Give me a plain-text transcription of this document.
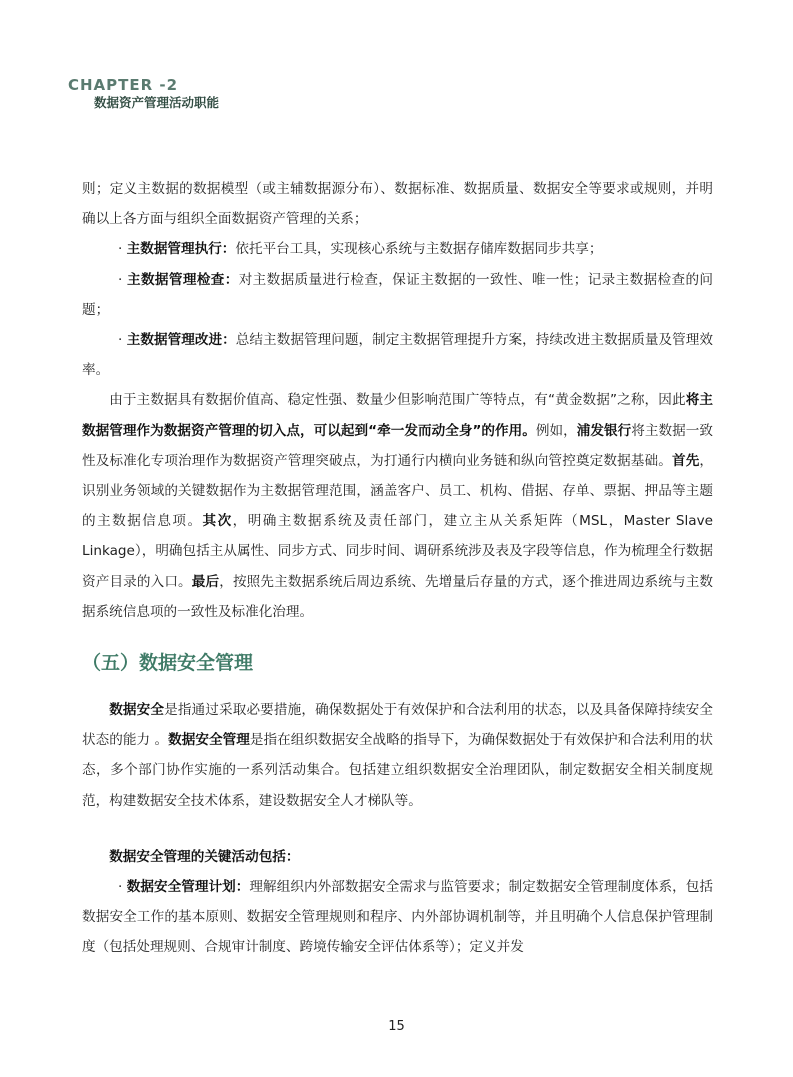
CHAPTER -2
数据资产管理活动职能

则；定义主数据的数据模型（或主辅数据源分布）、数据标准、数据质量、数据安全等要求或规则，并明确以上各方面与组织全面数据资产管理的关系；

· 主数据管理执行：依托平台工具，实现核心系统与主数据存储库数据同步共享；

· 主数据管理检查：对主数据质量进行检查，保证主数据的一致性、唯一性；记录主数据检查的问题；

· 主数据管理改进：总结主数据管理问题，制定主数据管理提升方案，持续改进主数据质量及管理效率。

由于主数据具有数据价值高、稳定性强、数量少但影响范围广等特点，有“黄金数据”之称，因此将主数据管理作为数据资产管理的切入点，可以起到“牵一发而动全身”的作用。例如，浦发银行将主数据一致性及标准化专项治理作为数据资产管理突破点，为打通行内横向业务链和纵向管控奠定数据基础。首先，识别业务领域的关键数据作为主数据管理范围，涵盖客户、员工、机构、借据、存单、票据、押品等主题的主数据信息项。其次，明确主数据系统及责任部门，建立主从关系矩阵（MSL，Master Slave Linkage），明确包括主从属性、同步方式、同步时间、调研系统涉及表及字段等信息，作为梳理全行数据资产目录的入口。最后，按照先主数据系统后周边系统、先增量后存量的方式，逐个推进周边系统与主数据系统信息项的一致性及标准化治理。

（五）数据安全管理

数据安全是指通过采取必要措施，确保数据处于有效保护和合法利用的状态，以及具备保障持续安全状态的能力 。数据安全管理是指在组织数据安全战略的指导下，为确保数据处于有效保护和合法利用的状态，多个部门协作实施的一系列活动集合。包括建立组织数据安全治理团队，制定数据安全相关制度规范，构建数据安全技术体系，建设数据安全人才梯队等。

数据安全管理的关键活动包括：

· 数据安全管理计划：理解组织内外部数据安全需求与监管要求；制定数据安全管理制度体系，包括数据安全工作的基本原则、数据安全管理规则和程序、内外部协调机制等，并且明确个人信息保护管理制度（包括处理规则、合规审计制度、跨境传输安全评估体系等）；定义并发

15
